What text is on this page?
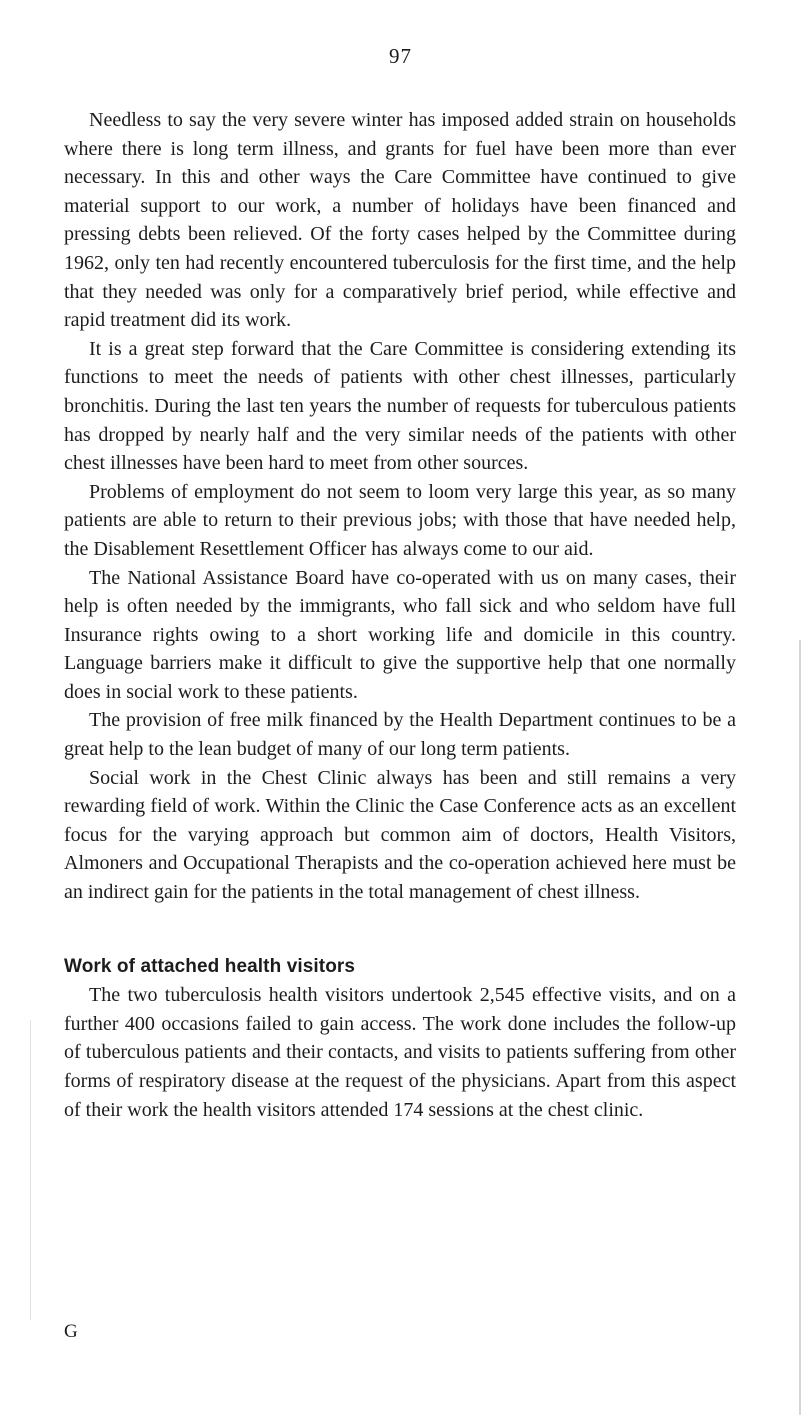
97

Needless to say the very severe winter has imposed added strain on households where there is long term illness, and grants for fuel have been more than ever necessary. In this and other ways the Care Committee have continued to give material support to our work, a number of holidays have been financed and pressing debts been relieved. Of the forty cases helped by the Committee during 1962, only ten had recently encountered tuberculosis for the first time, and the help that they needed was only for a comparatively brief period, while effective and rapid treatment did its work.

It is a great step forward that the Care Committee is considering extending its functions to meet the needs of patients with other chest illnesses, particularly bronchitis. During the last ten years the number of requests for tuberculous patients has dropped by nearly half and the very similar needs of the patients with other chest illnesses have been hard to meet from other sources.

Problems of employment do not seem to loom very large this year, as so many patients are able to return to their previous jobs; with those that have needed help, the Disablement Resettlement Officer has always come to our aid.

The National Assistance Board have co-operated with us on many cases, their help is often needed by the immigrants, who fall sick and who seldom have full Insurance rights owing to a short working life and domicile in this country. Language barriers make it difficult to give the supportive help that one normally does in social work to these patients.

The provision of free milk financed by the Health Department continues to be a great help to the lean budget of many of our long term patients.

Social work in the Chest Clinic always has been and still remains a very rewarding field of work. Within the Clinic the Case Conference acts as an excellent focus for the varying approach but common aim of doctors, Health Visitors, Almoners and Occupational Therapists and the co-operation achieved here must be an indirect gain for the patients in the total management of chest illness.

Work of attached health visitors

The two tuberculosis health visitors undertook 2,545 effective visits, and on a further 400 occasions failed to gain access. The work done includes the follow-up of tuberculous patients and their contacts, and visits to patients suffering from other forms of respiratory disease at the request of the physicians. Apart from this aspect of their work the health visitors attended 174 sessions at the chest clinic.

G
